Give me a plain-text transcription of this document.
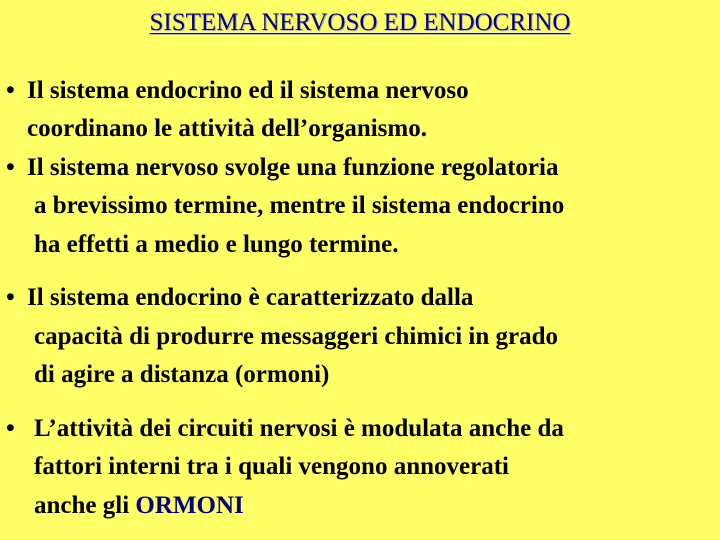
SISTEMA NERVOSO ED ENDOCRINO
• Il sistema endocrino ed il sistema nervoso
coordinano le attività dell’organismo.
• Il sistema nervoso svolge una funzione regolatoria
a brevissimo termine, mentre il sistema endocrino
ha effetti a medio e lungo termine.
• Il sistema endocrino è caratterizzato dalla
capacità di produrre messaggeri chimici in grado
di agire a distanza (ormoni)
• L’attività dei circuiti nervosi è modulata anche da
fattori interni tra i quali vengono annoverati
anche gli ORMONI
